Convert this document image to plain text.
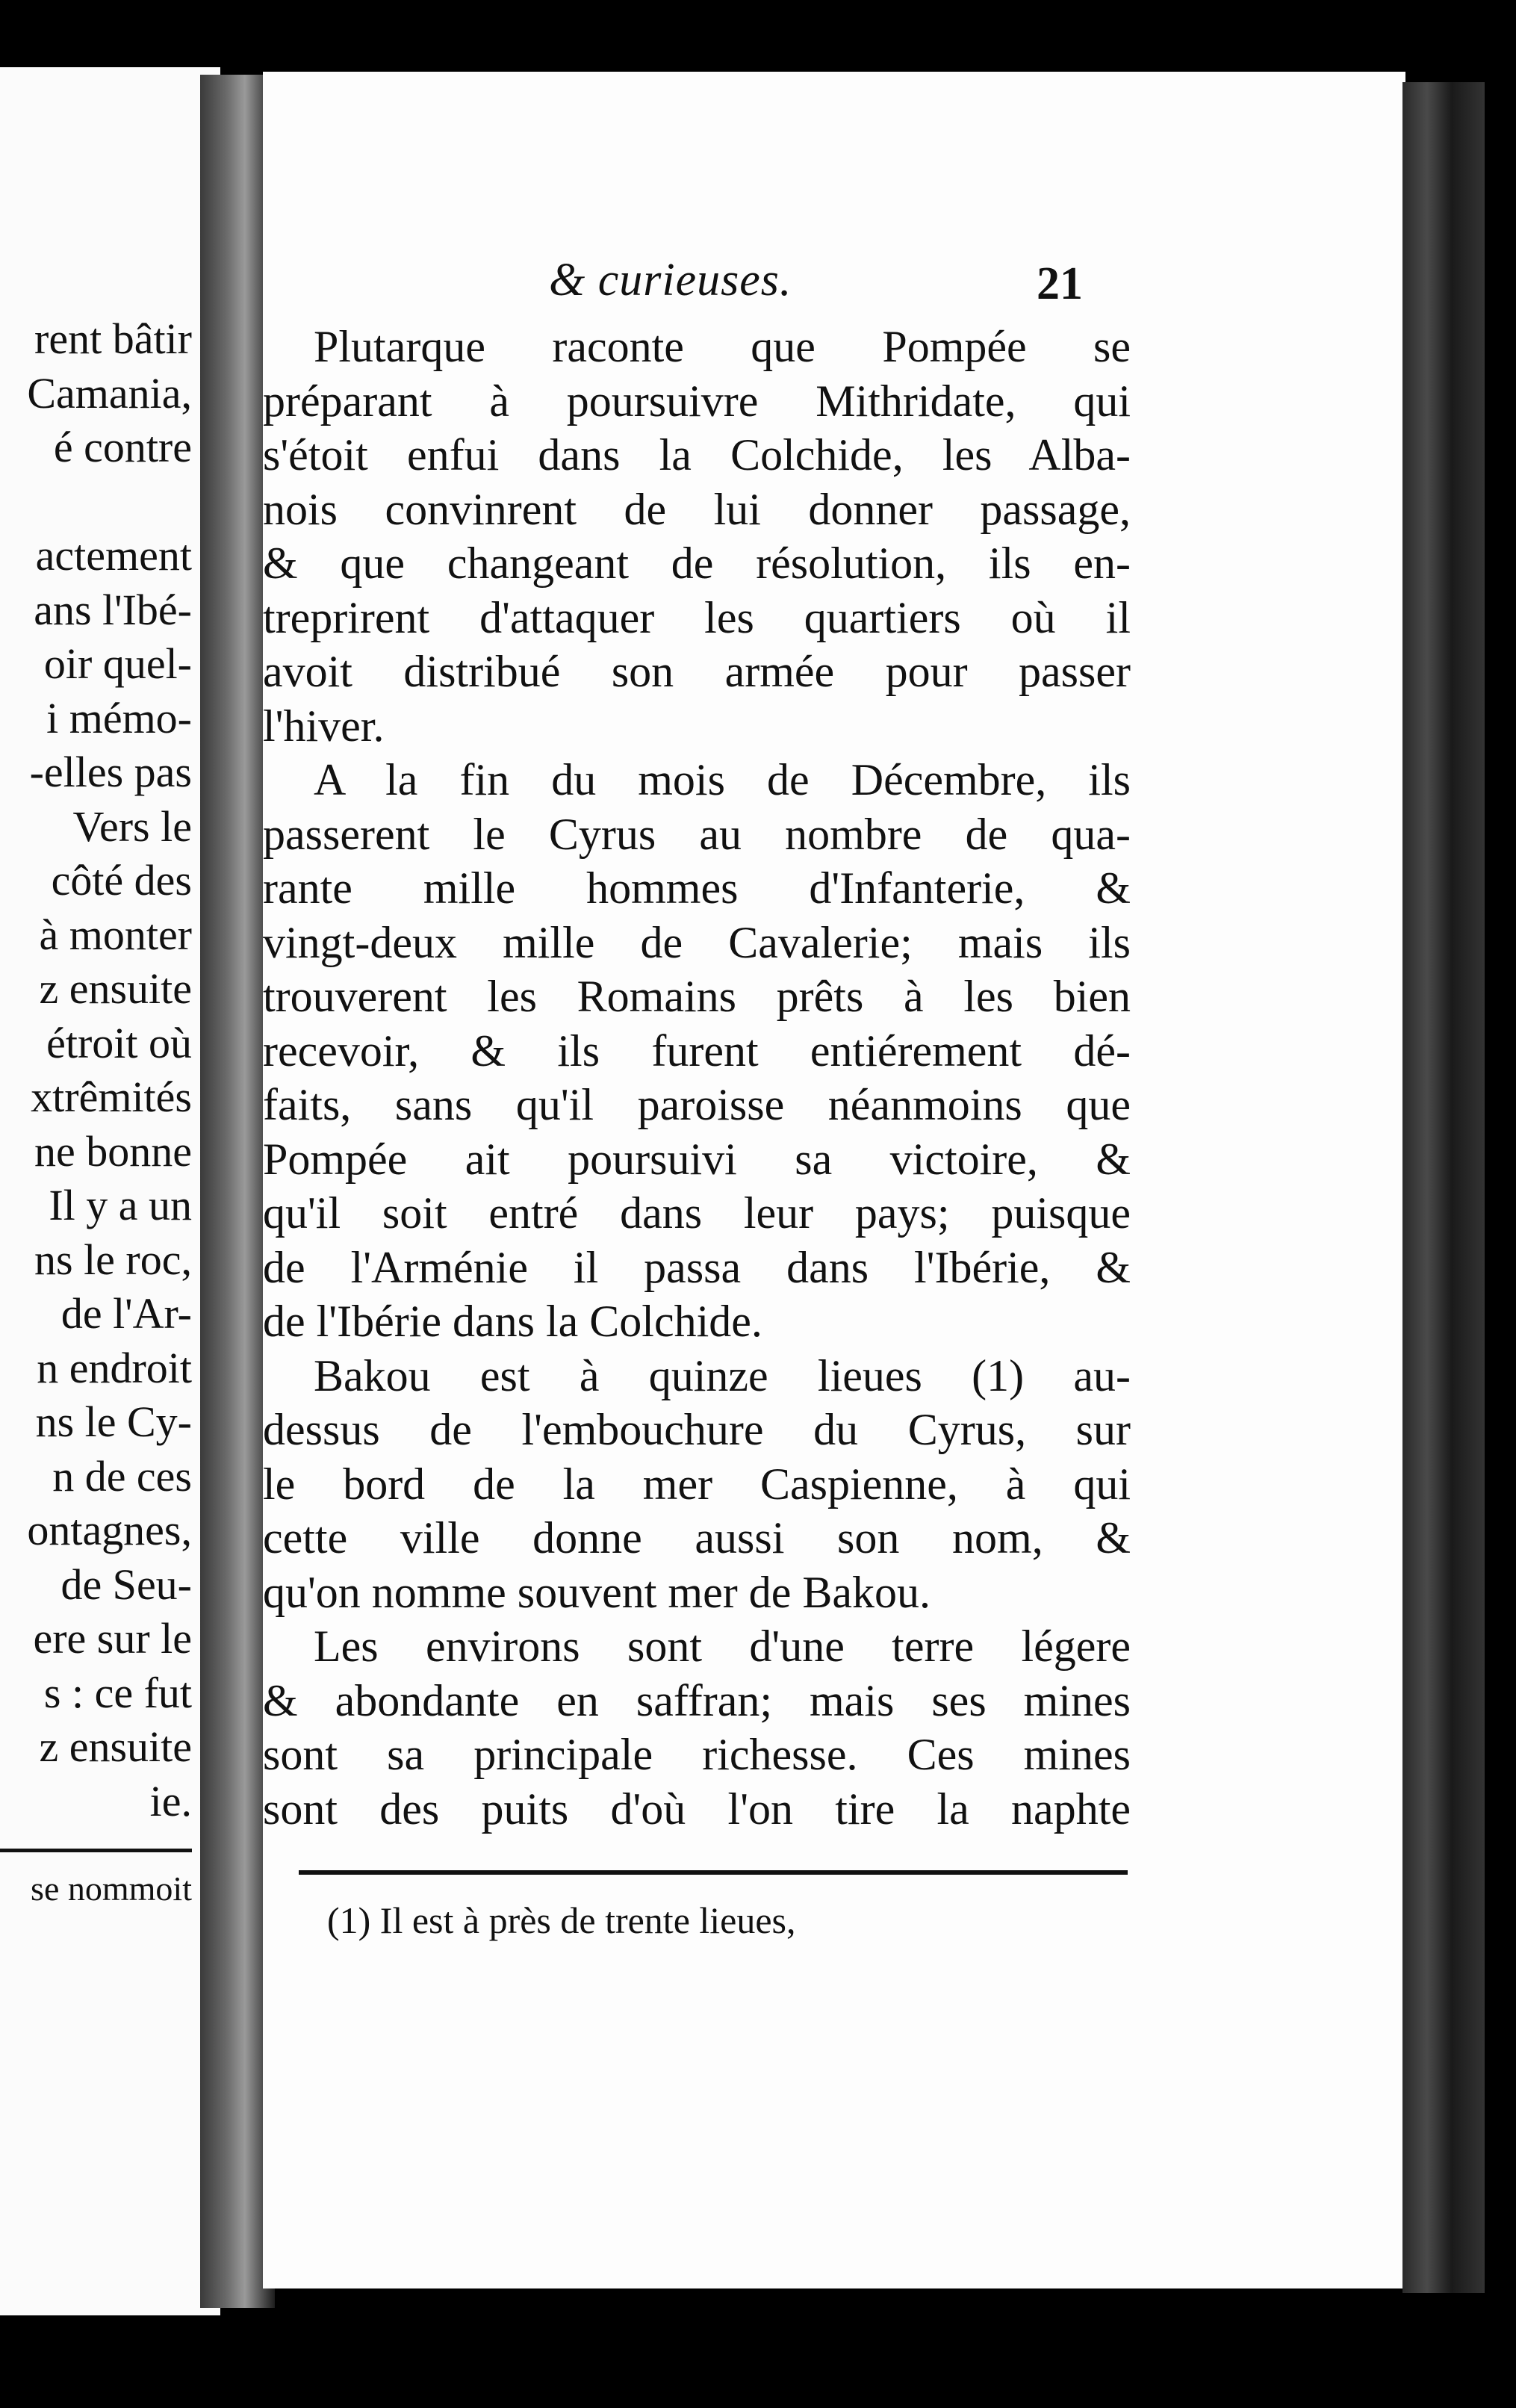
rent bâtir
Camania,
é contre
actement
ans l'Ibé-
oir quel-
i mémo-
-elles pas
Vers le
côté des
à monter
z ensuite
étroit où
xtrêmités
ne bonne
Il y a un
ns le roc,
de l'Ar-
n endroit
ns le Cy-
n de ces
ontagnes,
de Seu-
ere sur le
s : ce fut
z ensuite
ie.
se nommoit
& curieuses.	21
Plutarque raconte que Pompée se
préparant à poursuivre Mithridate, qui
s'étoit enfui dans la Colchide, les Alba-
nois convinrent de lui donner passage,
& que changeant de résolution, ils en-
treprirent d'attaquer les quartiers où il
avoit distribué son armée pour passer
l'hiver.
A la fin du mois de Décembre, ils
passerent le Cyrus au nombre de qua-
rante mille hommes d'Infanterie, &
vingt-deux mille de Cavalerie; mais ils
trouverent les Romains prêts à les bien
recevoir, & ils furent entiérement dé-
faits, sans qu'il paroisse néanmoins que
Pompée ait poursuivi sa victoire, &
qu'il soit entré dans leur pays; puisque
de l'Arménie il passa dans l'Ibérie, &
de l'Ibérie dans la Colchide.
Bakou est à quinze lieues (1) au-
dessus de l'embouchure du Cyrus, sur
le bord de la mer Caspienne, à qui
cette ville donne aussi son nom, &
qu'on nomme souvent mer de Bakou.
Les environs sont d'une terre légere
& abondante en saffran; mais ses mines
sont sa principale richesse. Ces mines
sont des puits d'où l'on tire la naphte
(1) Il est à près de trente lieues,
